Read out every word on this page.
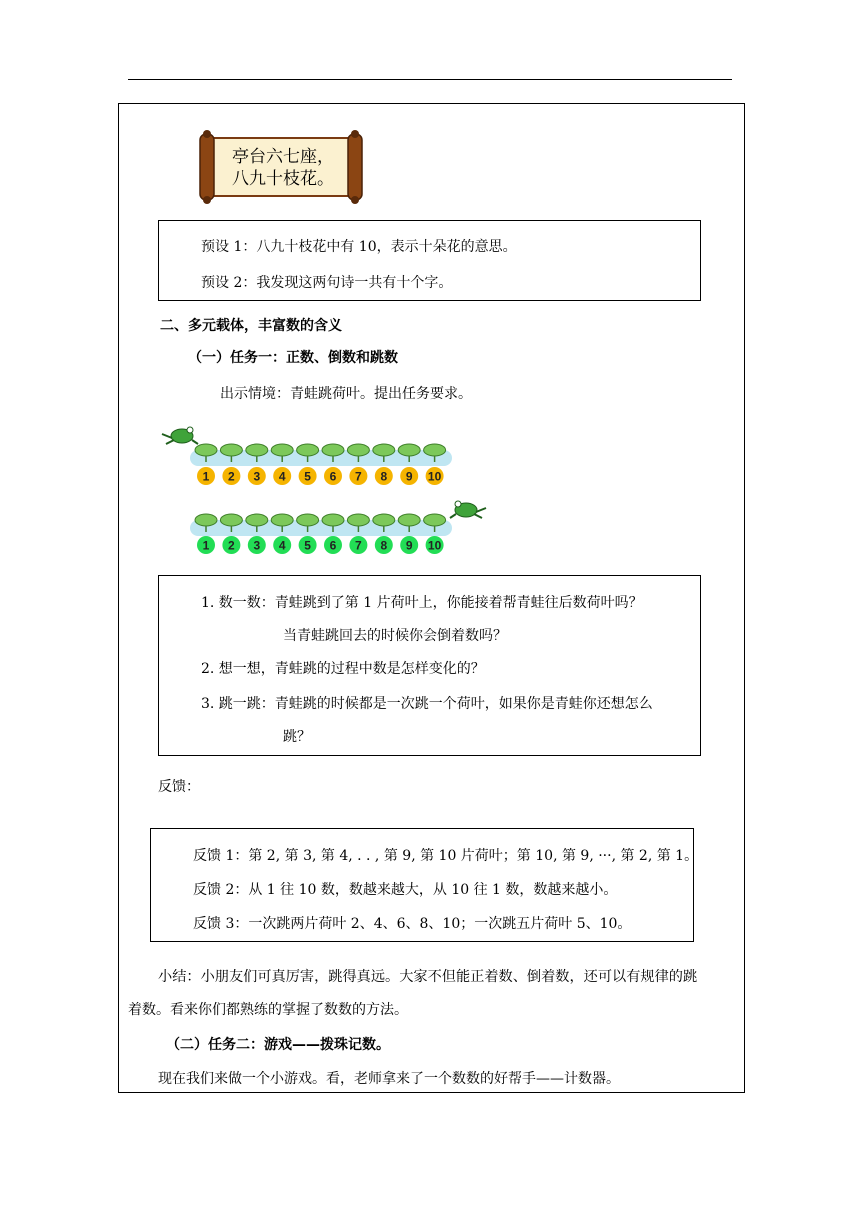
亭台六七座，
八九十枝花。
预设 1：八九十枝花中有 10，表示十朵花的意思。
预设 2：我发现这两句诗一共有十个字。
二、多元载体，丰富数的含义
（一）任务一：正数、倒数和跳数
出示情境：青蛙跳荷叶。提出任务要求。
1 2 3 4 5 6 7 8 9 10
1 2 3 4 5 6 7 8 9 10
1. 数一数：青蛙跳到了第 1 片荷叶上，你能接着帮青蛙往后数荷叶吗？
当青蛙跳回去的时候你会倒着数吗？
2. 想一想，青蛙跳的过程中数是怎样变化的？
3. 跳一跳：青蛙跳的时候都是一次跳一个荷叶，如果你是青蛙你还想怎么
跳？
反馈：
反馈 1：第 2, 第 3, 第 4, . . , 第 9, 第 10 片荷叶；第 10, 第 9, ···, 第 2, 第 1。
反馈 2：从 1 往 10 数，数越来越大，从 10 往 1 数，数越来越小。
反馈 3：一次跳两片荷叶 2、4、6、8、10；一次跳五片荷叶 5、10。
小结：小朋友们可真厉害，跳得真远。大家不但能正着数、倒着数，还可以有规律的跳
着数。看来你们都熟练的掌握了数数的方法。
（二）任务二：游戏——拨珠记数。
现在我们来做一个小游戏。看，老师拿来了一个数数的好帮手——计数器。
